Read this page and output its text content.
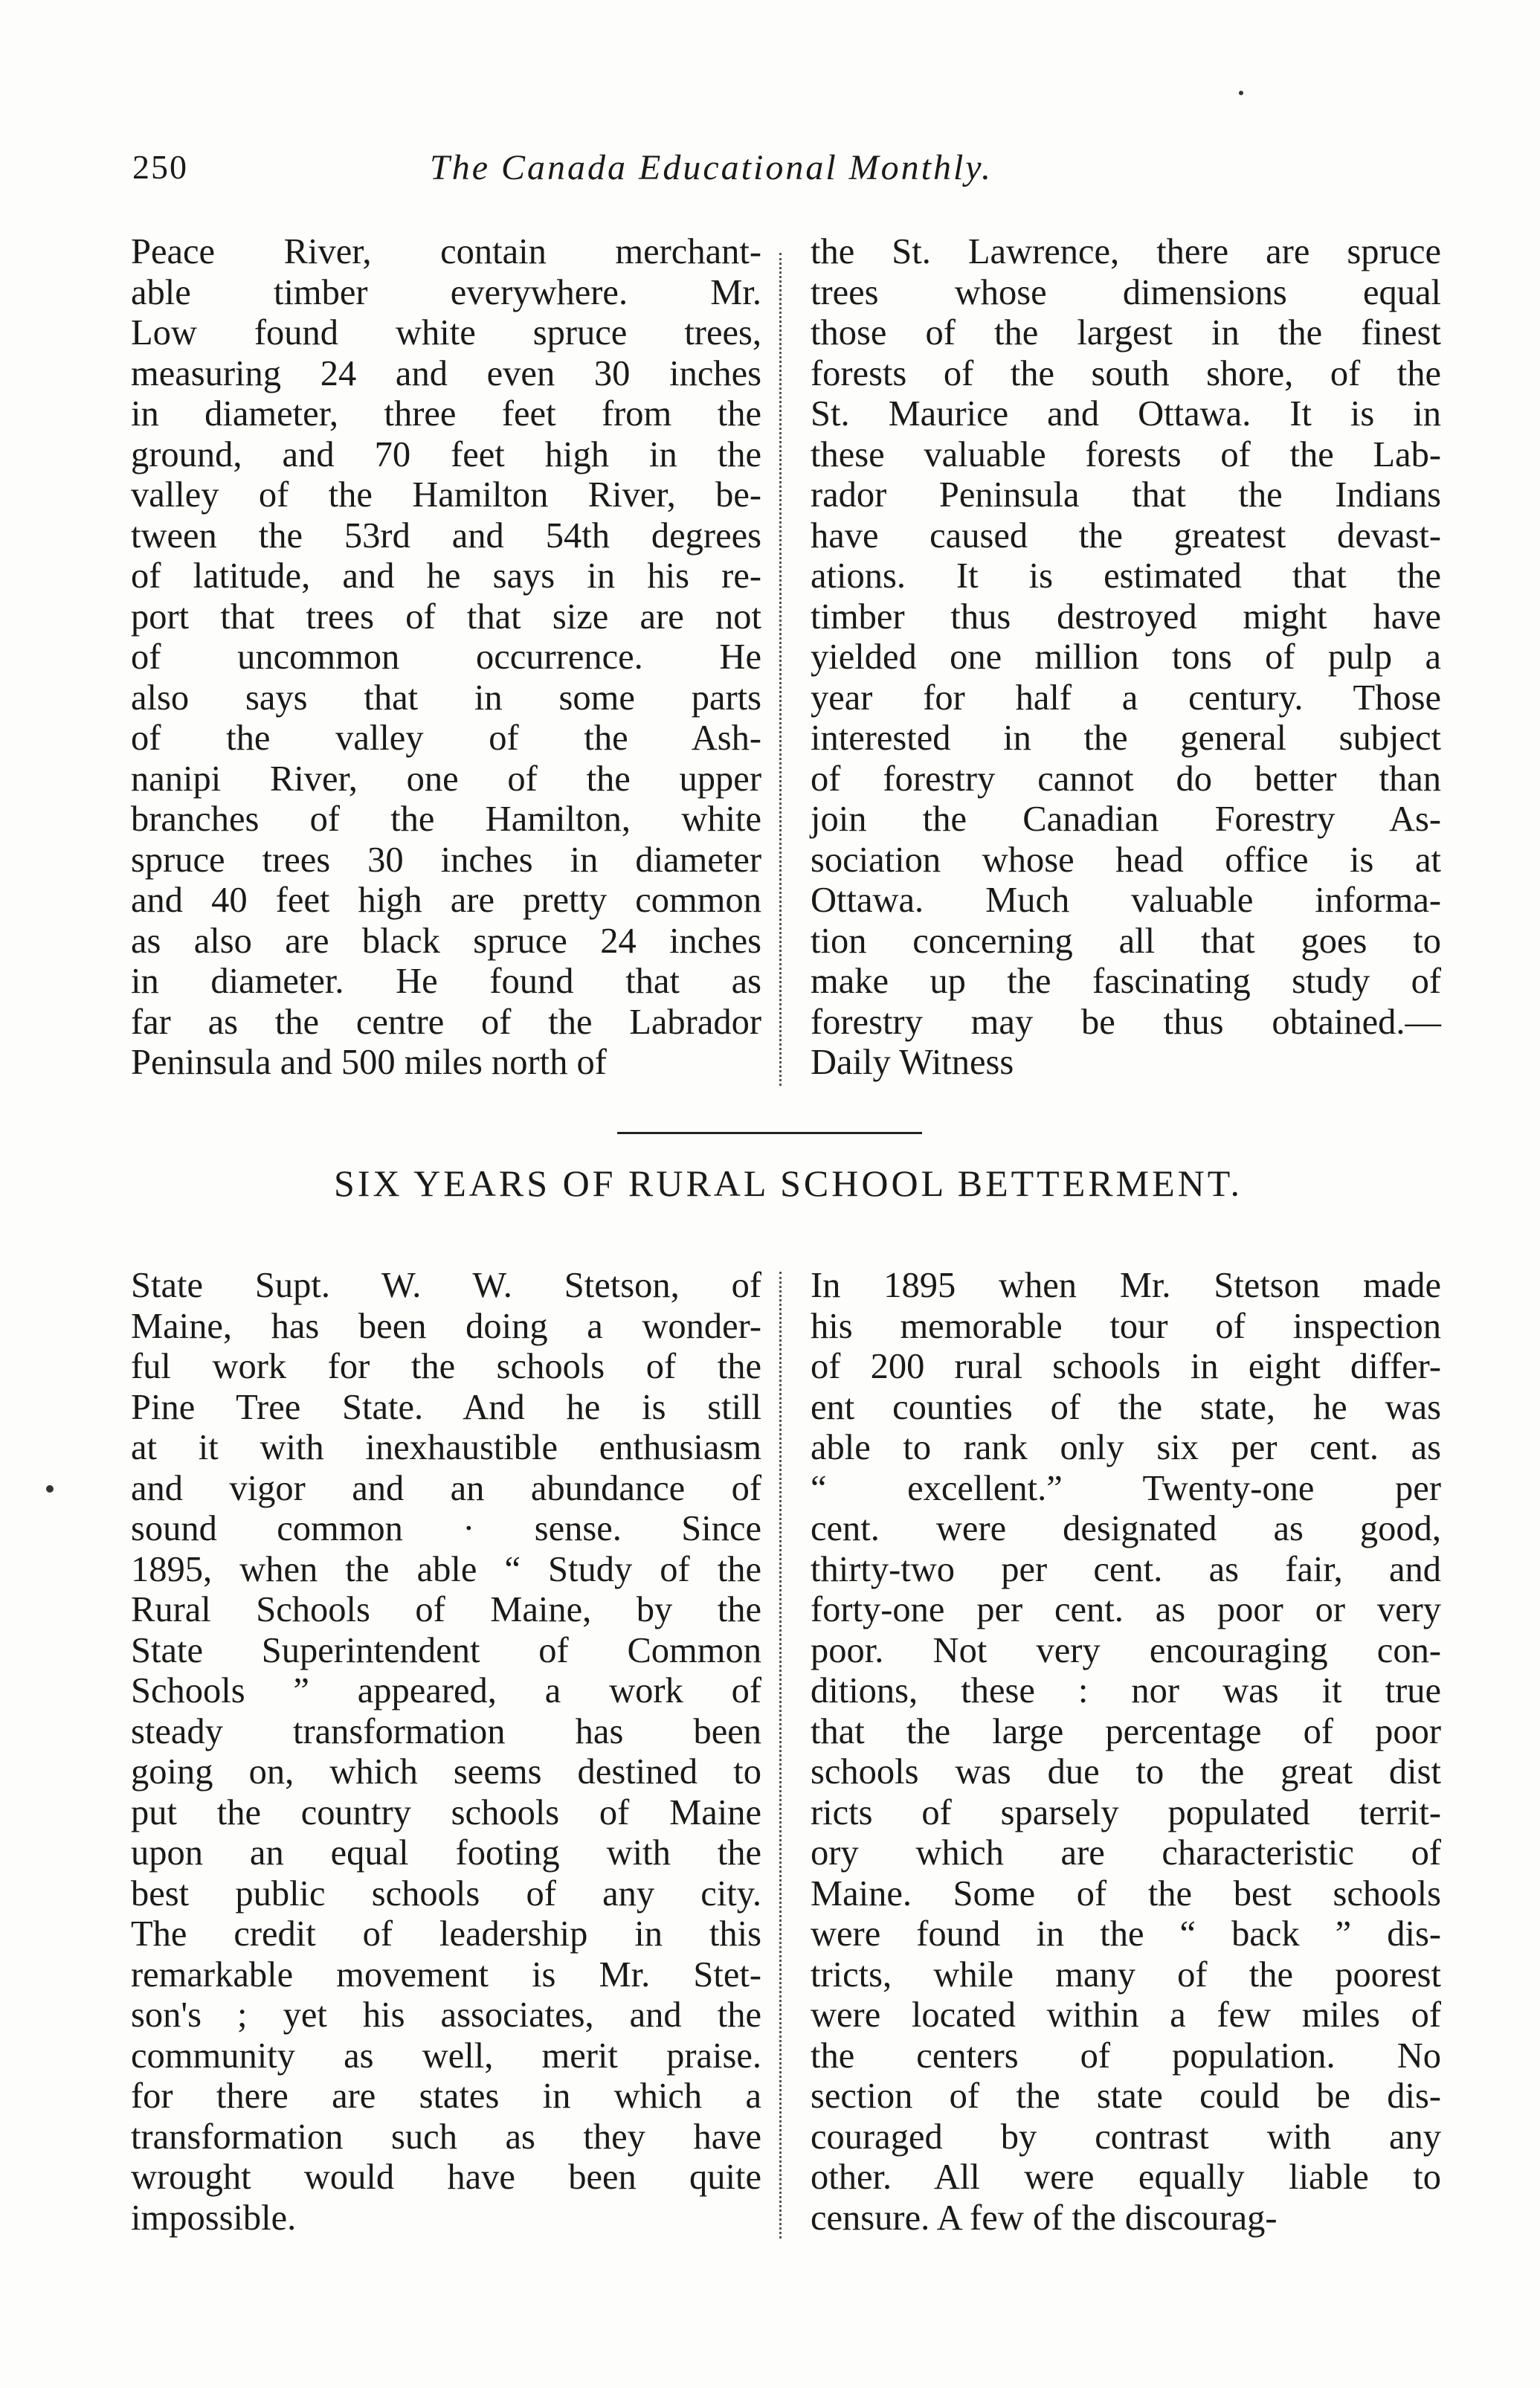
250	The Canada Educational Monthly.
Peace River, contain merchant-
able timber everywhere. Mr.
Low found white spruce trees,
measuring 24 and even 30 inches
in diameter, three feet from the
ground, and 70 feet high in the
valley of the Hamilton River, be-
tween the 53rd and 54th degrees
of latitude, and he says in his re-
port that trees of that size are not
of uncommon occurrence. He
also says that in some parts
of the valley of the Ash-
nanipi River, one of the upper
branches of the Hamilton, white
spruce trees 30 inches in diameter
and 40 feet high are pretty common
as also are black spruce 24 inches
in diameter. He found that as
far as the centre of the Labrador
Peninsula and 500 miles north of
the St. Lawrence, there are spruce
trees whose dimensions equal
those of the largest in the finest
forests of the south shore, of the
St. Maurice and Ottawa. It is in
these valuable forests of the Lab-
rador Peninsula that the Indians
have caused the greatest devast-
ations. It is estimated that the
timber thus destroyed might have
yielded one million tons of pulp a
year for half a century. Those
interested in the general subject
of forestry cannot do better than
join the Canadian Forestry As-
sociation whose head office is at
Ottawa. Much valuable informa-
tion concerning all that goes to
make up the fascinating study of
forestry may be thus obtained.—
Daily Witness
SIX YEARS OF RURAL SCHOOL BETTERMENT.
State Supt. W. W. Stetson, of
Maine, has been doing a wonder-
ful work for the schools of the
Pine Tree State. And he is still
at it with inexhaustible enthusiasm
and vigor and an abundance of
sound common · sense. Since
1895, when the able “ Study of the
Rural Schools of Maine, by the
State Superintendent of Common
Schools ” appeared, a work of
steady transformation has been
going on, which seems destined to
put the country schools of Maine
upon an equal footing with the
best public schools of any city.
The credit of leadership in this
remarkable movement is Mr. Stet-
son's ; yet his associates, and the
community as well, merit praise.
for there are states in which a
transformation such as they have
wrought would have been quite
impossible.
In 1895 when Mr. Stetson made
his memorable tour of inspection
of 200 rural schools in eight differ-
ent counties of the state, he was
able to rank only six per cent. as
“ excellent.” Twenty-one per
cent. were designated as good,
thirty-two per cent. as fair, and
forty-one per cent. as poor or very
poor. Not very encouraging con-
ditions, these : nor was it true
that the large percentage of poor
schools was due to the great dist
ricts of sparsely populated territ-
ory which are characteristic of
Maine. Some of the best schools
were found in the “ back ” dis-
tricts, while many of the poorest
were located within a few miles of
the centers of population. No
section of the state could be dis-
couraged by contrast with any
other. All were equally liable to
censure. A few of the discourag-
